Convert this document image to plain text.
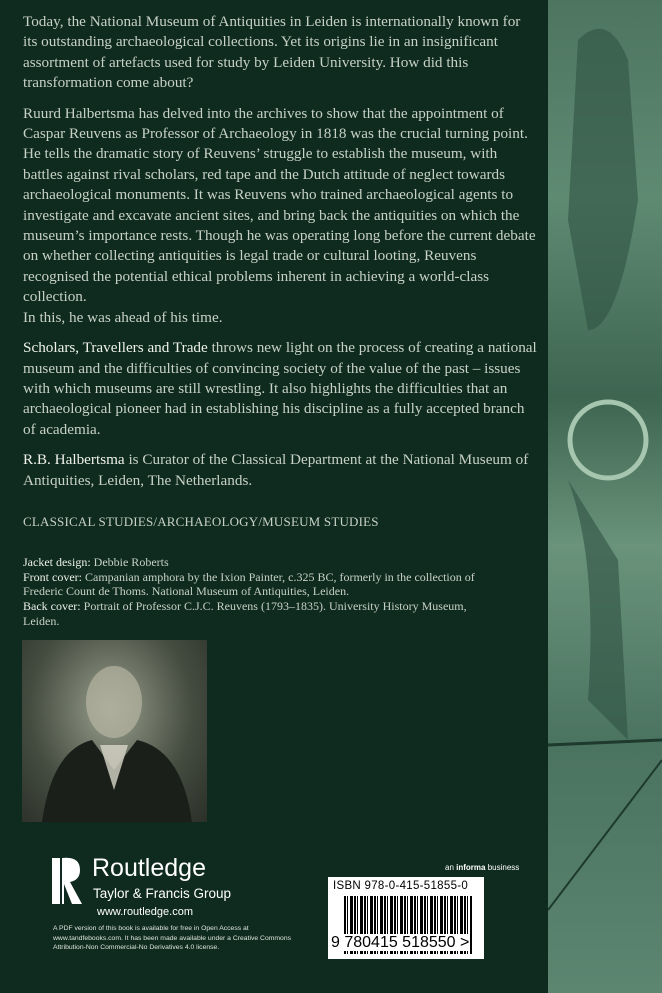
Today, the National Museum of Antiquities in Leiden is internationally known for its outstanding archaeological collections. Yet its origins lie in an insignificant assortment of artefacts used for study by Leiden University. How did this transformation come about?

Ruurd Halbertsma has delved into the archives to show that the appointment of Caspar Reuvens as Professor of Archaeology in 1818 was the crucial turning point. He tells the dramatic story of Reuvens’ struggle to establish the museum, with battles against rival scholars, red tape and the Dutch attitude of neglect towards archaeological monuments. It was Reuvens who trained archaeological agents to investigate and excavate ancient sites, and bring back the antiquities on which the museum’s importance rests. Though he was operating long before the current debate on whether collecting antiquities is legal trade or cultural looting, Reuvens recognised the potential ethical problems inherent in achieving a world-class collection.

In this, he was ahead of his time.

Scholars, Travellers and Trade throws new light on the process of creating a national museum and the difficulties of convincing society of the value of the past – issues with which museums are still wrestling. It also highlights the difficulties that an archaeological pioneer had in establishing his discipline as a fully accepted branch of academia.

R.B. Halbertsma is Curator of the Classical Department at the National Museum of Antiquities, Leiden, The Netherlands.

CLASSICAL STUDIES/ARCHAEOLOGY/MUSEUM STUDIES
Jacket design: Debbie Roberts
Front cover: Campanian amphora by the Ixion Painter, c.325 BC, formerly in the collection of Frederic Count de Thoms. National Museum of Antiquities, Leiden.
Back cover: Portrait of Professor C.J.C. Reuvens (1793–1835). University History Museum, Leiden.
Routledge
Taylor & Francis Group
www.routledge.com
A PDF version of this book is available for free in Open Access at www.tandfebooks.com. It has been made available under a Creative Commons Attribution-Non Commercial-No Derivatives 4.0 license.
an informa business
ISBN 978-0-415-51855-0
9 780415 518550 >
